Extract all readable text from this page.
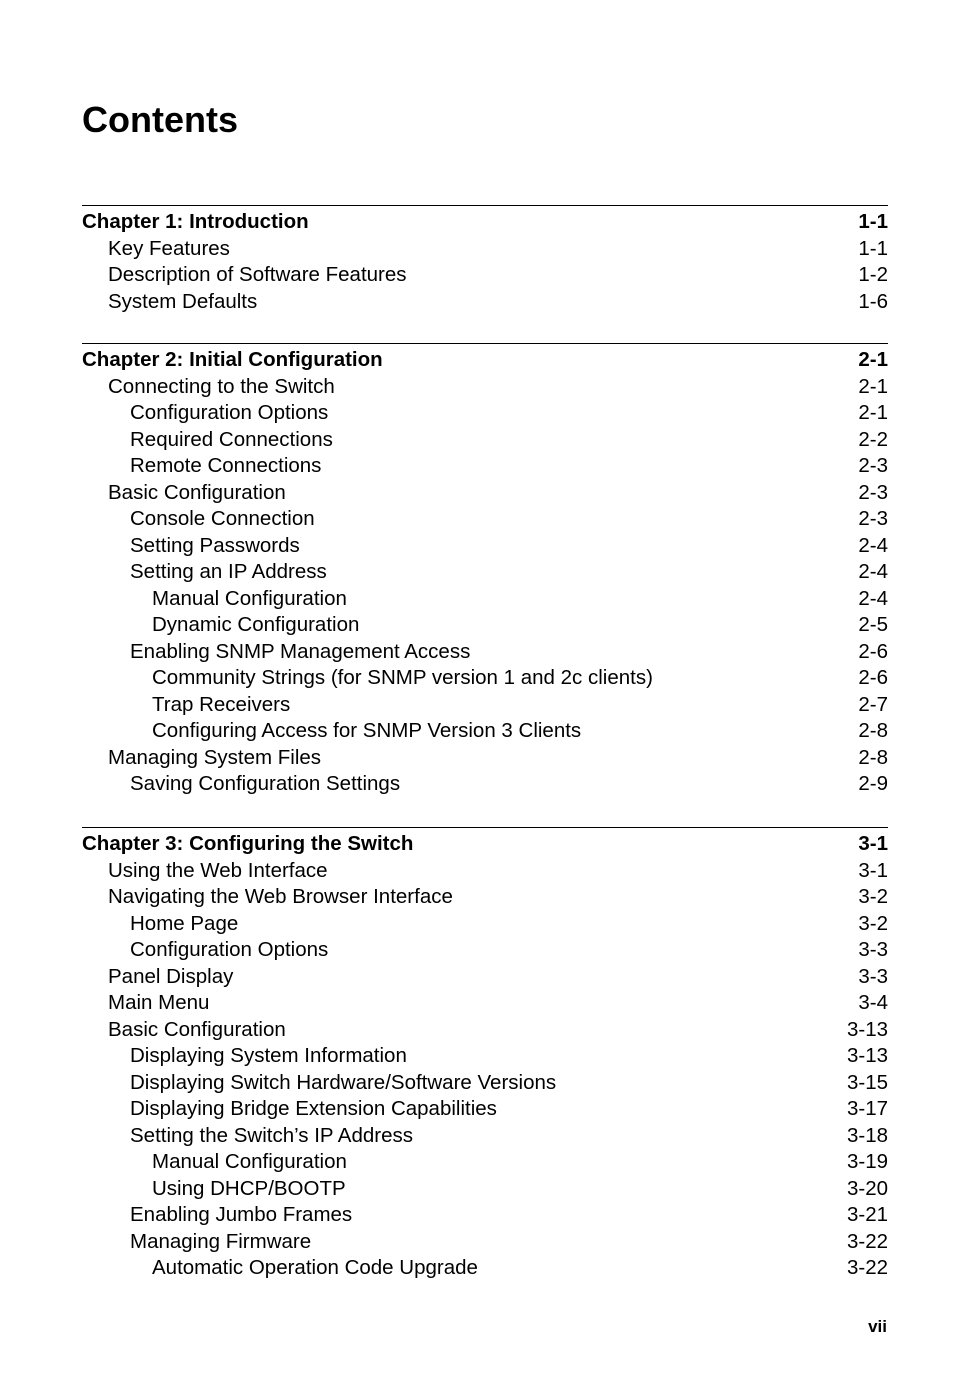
Contents
Chapter 1: Introduction	1-1
Key Features	1-1
Description of Software Features	1-2
System Defaults	1-6
Chapter 2: Initial Configuration	2-1
Connecting to the Switch	2-1
Configuration Options	2-1
Required Connections	2-2
Remote Connections	2-3
Basic Configuration	2-3
Console Connection	2-3
Setting Passwords	2-4
Setting an IP Address	2-4
Manual Configuration	2-4
Dynamic Configuration	2-5
Enabling SNMP Management Access	2-6
Community Strings (for SNMP version 1 and 2c clients)	2-6
Trap Receivers	2-7
Configuring Access for SNMP Version 3 Clients	2-8
Managing System Files	2-8
Saving Configuration Settings	2-9
Chapter 3: Configuring the Switch	3-1
Using the Web Interface	3-1
Navigating the Web Browser Interface	3-2
Home Page	3-2
Configuration Options	3-3
Panel Display	3-3
Main Menu	3-4
Basic Configuration	3-13
Displaying System Information	3-13
Displaying Switch Hardware/Software Versions	3-15
Displaying Bridge Extension Capabilities	3-17
Setting the Switch’s IP Address	3-18
Manual Configuration	3-19
Using DHCP/BOOTP	3-20
Enabling Jumbo Frames	3-21
Managing Firmware	3-22
Automatic Operation Code Upgrade	3-22
vii
